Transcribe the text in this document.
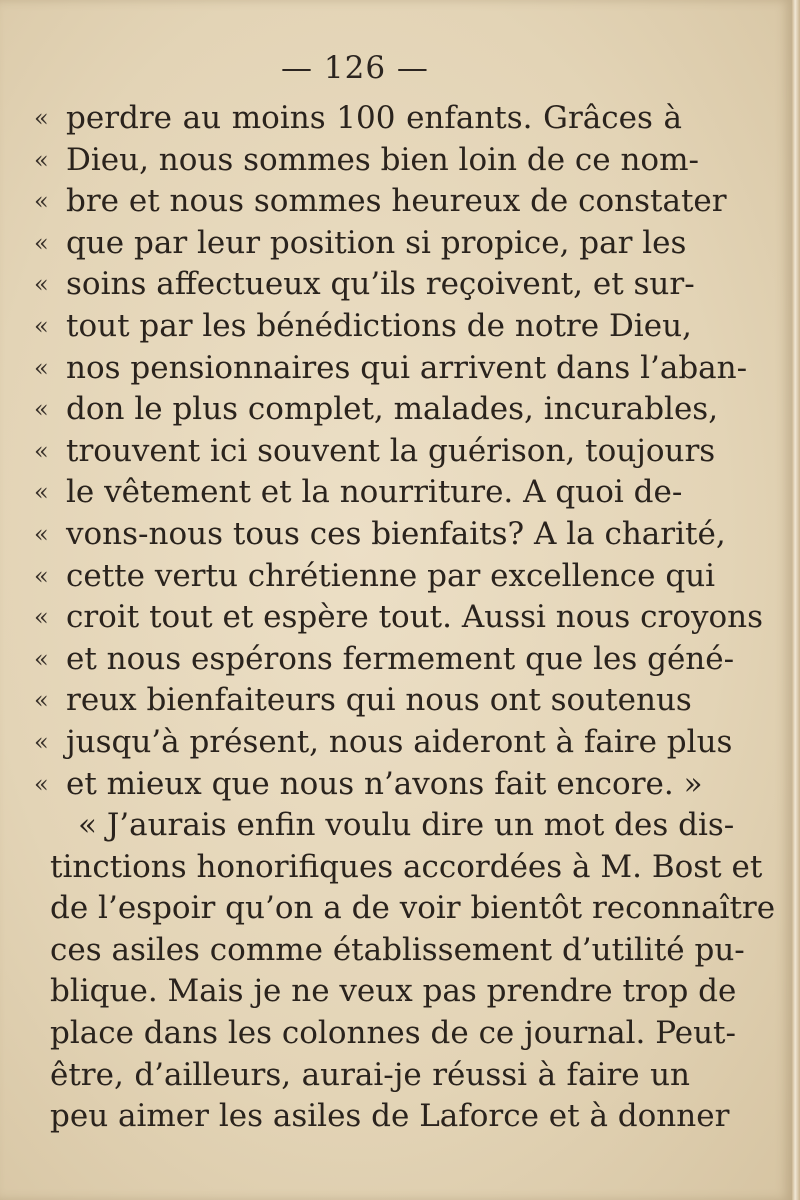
— 126 —
« perdre au moins 100 enfants. Grâces à
« Dieu, nous sommes bien loin de ce nom-
« bre et nous sommes heureux de constater
« que par leur position si propice, par les
« soins affectueux qu’ils reçoivent, et sur-
« tout par les bénédictions de notre Dieu,
« nos pensionnaires qui arrivent dans l’aban-
« don le plus complet, malades, incurables,
« trouvent ici souvent la guérison, toujours
« le vêtement et la nourriture. A quoi de-
« vons-nous tous ces bienfaits? A la charité,
« cette vertu chrétienne par excellence qui
« croit tout et espère tout. Aussi nous croyons
« et nous espérons fermement que les géné-
« reux bienfaiteurs qui nous ont soutenus
« jusqu’à présent, nous aideront à faire plus
« et mieux que nous n’avons fait encore. »
« J’aurais enfin voulu dire un mot des dis-
tinctions honorifiques accordées à M. Bost et
de l’espoir qu’on a de voir bientôt reconnaître
ces asiles comme établissement d’utilité pu-
blique. Mais je ne veux pas prendre trop de
place dans les colonnes de ce journal. Peut-
être, d’ailleurs, aurai-je réussi à faire un
peu aimer les asiles de Laforce et à donner
